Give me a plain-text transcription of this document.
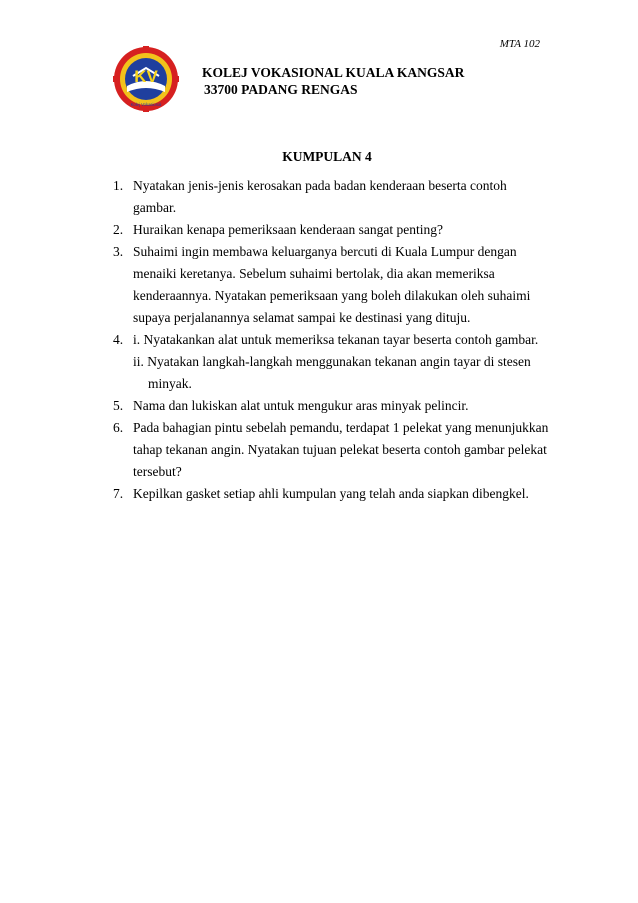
MTA 102
KV
Kolej Vokasional
KOLEJ VOKASIONAL KUALA KANGSAR
33700 PADANG RENGAS
KUMPULAN 4
1. Nyatakan jenis-jenis kerosakan pada badan kenderaan beserta contoh gambar.
2. Huraikan kenapa pemeriksaan kenderaan sangat penting?
3. Suhaimi ingin membawa keluarganya bercuti di Kuala Lumpur dengan
menaiki keretanya. Sebelum suhaimi bertolak, dia akan memeriksa
kenderaannya. Nyatakan pemeriksaan yang boleh dilakukan oleh suhaimi
supaya perjalanannya selamat sampai ke destinasi yang dituju.
4. i. Nyatakankan alat untuk memeriksa tekanan tayar beserta contoh gambar.
ii. Nyatakan langkah-langkah menggunakan tekanan angin tayar di stesen
minyak.
5. Nama dan lukiskan alat untuk mengukur aras minyak pelincir.
6. Pada bahagian pintu sebelah pemandu, terdapat 1 pelekat yang menunjukkan
tahap tekanan angin. Nyatakan tujuan pelekat beserta contoh gambar pelekat
tersebut?
7. Kepilkan gasket setiap ahli kumpulan yang telah anda siapkan dibengkel.
